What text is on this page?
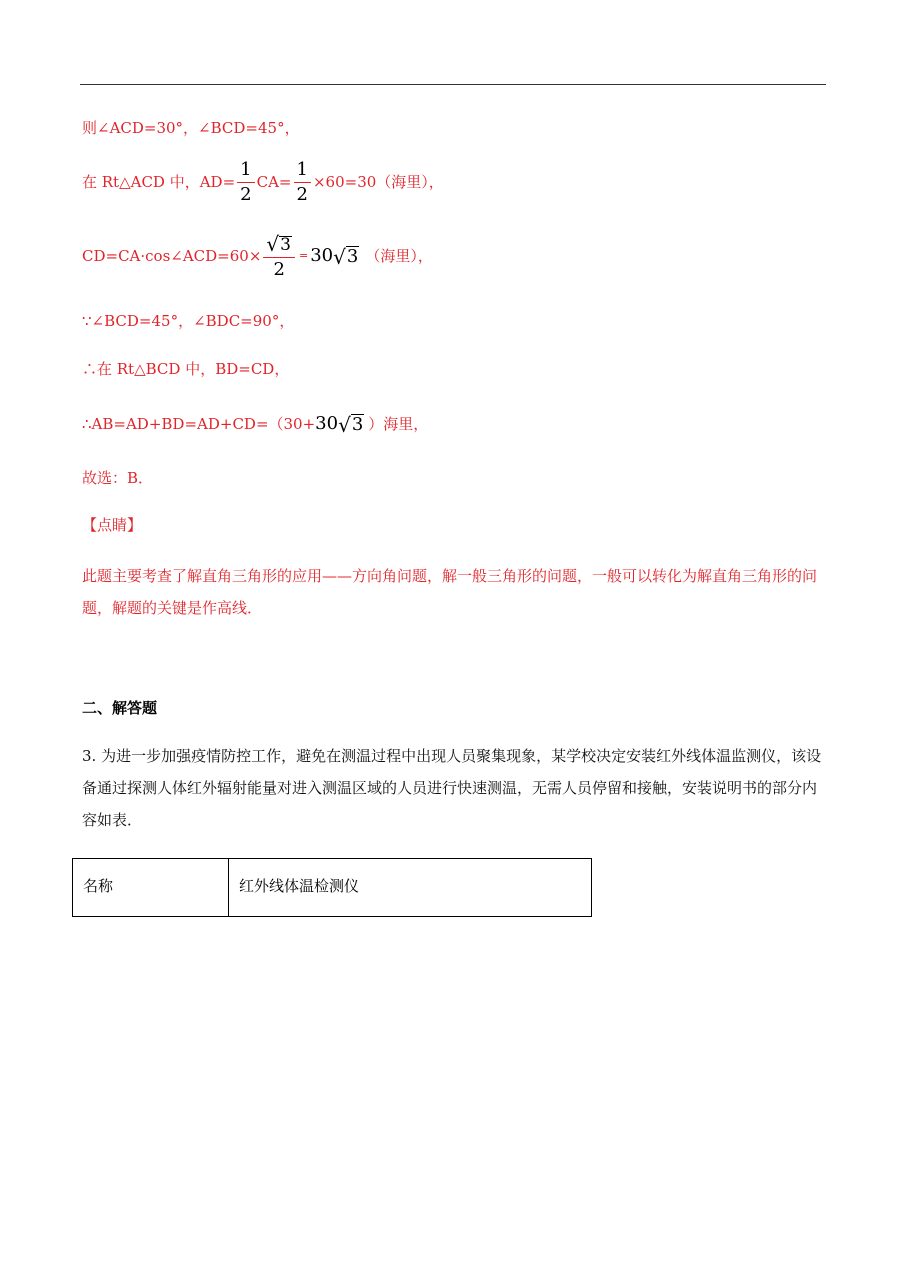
则∠ACD=30°，∠BCD=45°，
在 Rt△ACD 中，$AD= \frac{1}{2} CA= \frac{1}{2} \times 60=30$（海里），
CD=CA·cos∠ACD=60× $\frac{√ 3}{2} = 30$ √ 3 （海里），
∵∠BCD=45°，∠BDC=90°，
∴在 Rt△BCD 中，BD=CD，
∴AB=AD+BD=AD+CD=（30+ 30 √ 3 ）海里，
故选：B．
【点睛】
此题主要考查了解直角三角形的应用——方向角问题，解一般三角形的问题，一般可以转化为解直角三角形的问题，解题的关键是作高线．
二、解答题
3. 为进一步加强疫情防控工作，避免在测温过程中出现人员聚集现象，某学校决定安装红外线体温监测仪，该设备通过探测人体红外辐射能量对进入测温区域的人员进行快速测温，无需人员停留和接触，安装说明书的部分内容如表．
名称	红外线体温检测仪
